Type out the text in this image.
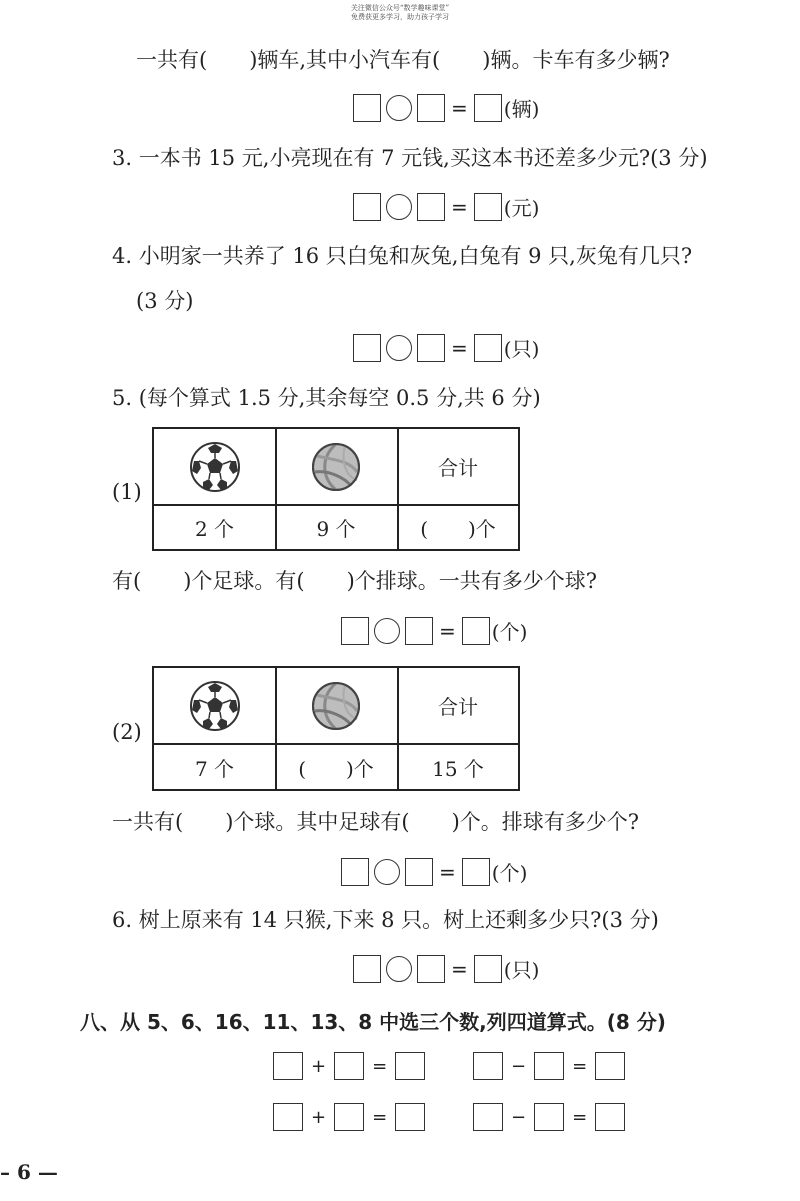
关注微信公众号“数学趣味课堂”
免费获更多学习，助力孩子学习
一共有(　　)辆车,其中小汽车有(　　)辆。卡车有多少辆?
= (辆)
3. 一本书 15 元,小亮现在有 7 元钱,买这本书还差多少元?(3 分)
= (元)
4. 小明家一共养了 16 只白兔和灰兔,白兔有 9 只,灰兔有几只?
(3 分)
= (只)
5. (每个算式 1.5 分,其余每空 0.5 分,共 6 分)
(1)
合计
2 个	9 个	(　　)个
有(　　)个足球。有(　　)个排球。一共有多少个球?
= (个)
(2)
合计
7 个	(　　)个	15 个
一共有(　　)个球。其中足球有(　　)个。排球有多少个?
= (个)
6. 树上原来有 14 只猴,下来 8 只。树上还剩多少只?(3 分)
= (只)
八、从 5、6、16、11、13、8 中选三个数,列四道算式。(8 分)
+	=	−	=
+	=	−	=
– 6 —
